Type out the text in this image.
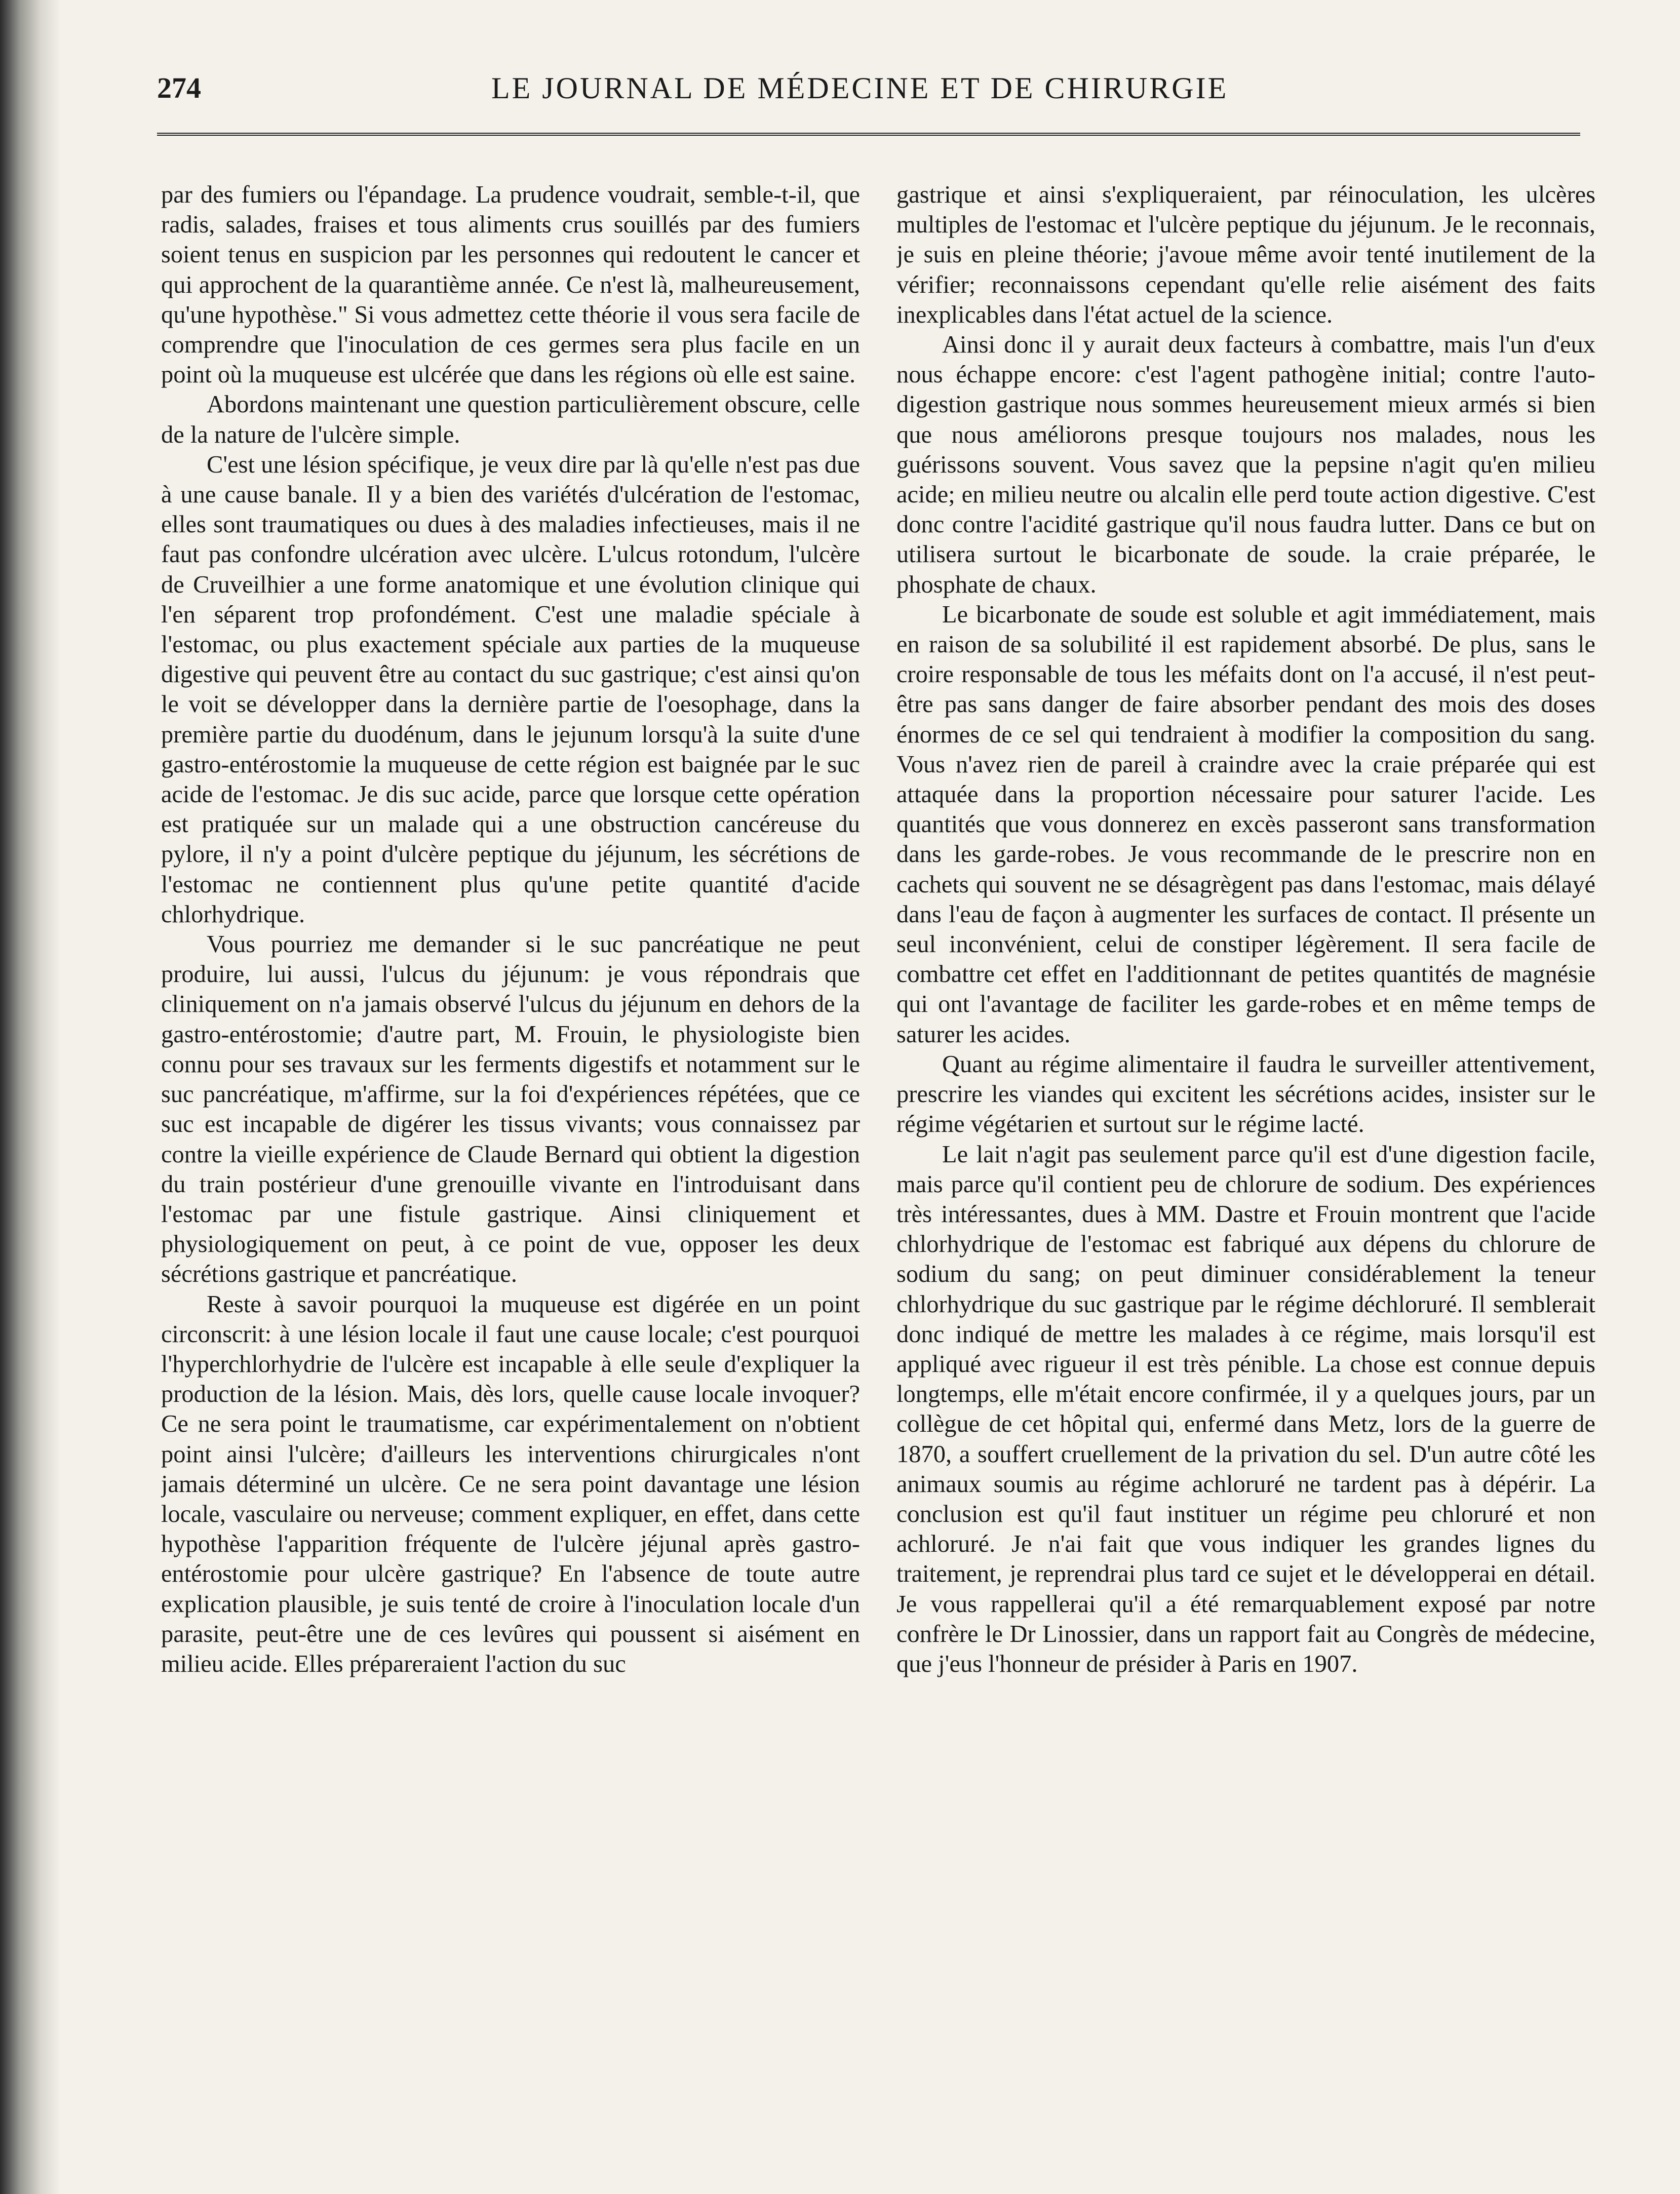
274	LE JOURNAL DE MÉDECINE ET DE CHIRURGIE

par des fumiers ou l'épandage. La prudence voudrait, semble-t-il, que radis, salades, fraises et tous aliments crus souillés par des fumiers soient tenus en suspicion par les personnes qui redoutent le cancer et qui approchent de la quarantième année. Ce n'est là, malheureusement, qu'une hypothèse." Si vous admettez cette théorie il vous sera facile de comprendre que l'inoculation de ces germes sera plus facile en un point où la muqueuse est ulcérée que dans les régions où elle est saine.

Abordons maintenant une question particulièrement obscure, celle de la nature de l'ulcère simple.

C'est une lésion spécifique, je veux dire par là qu'elle n'est pas due à une cause banale. Il y a bien des variétés d'ulcération de l'estomac, elles sont traumatiques ou dues à des maladies infectieuses, mais il ne faut pas confondre ulcération avec ulcère. L'ulcus rotondum, l'ulcère de Cruveilhier a une forme anatomique et une évolution clinique qui l'en séparent trop profondément. C'est une maladie spéciale à l'estomac, ou plus exactement spéciale aux parties de la muqueuse digestive qui peuvent être au contact du suc gastrique; c'est ainsi qu'on le voit se développer dans la dernière partie de l'oesophage, dans la première partie du duodénum, dans le jejunum lorsqu'à la suite d'une gastro-entérostomie la muqueuse de cette région est baignée par le suc acide de l'estomac. Je dis suc acide, parce que lorsque cette opération est pratiquée sur un malade qui a une obstruction cancéreuse du pylore, il n'y a point d'ulcère peptique du jéjunum, les sécrétions de l'estomac ne contiennent plus qu'une petite quantité d'acide chlorhydrique.

Vous pourriez me demander si le suc pancréatique ne peut produire, lui aussi, l'ulcus du jéjunum: je vous répondrais que cliniquement on n'a jamais observé l'ulcus du jéjunum en dehors de la gastro-entérostomie; d'autre part, M. Frouin, le physiologiste bien connu pour ses travaux sur les ferments digestifs et notamment sur le suc pancréatique, m'affirme, sur la foi d'expériences répétées, que ce suc est incapable de digérer les tissus vivants; vous connaissez par contre la vieille expérience de Claude Bernard qui obtient la digestion du train postérieur d'une grenouille vivante en l'introduisant dans l'estomac par une fistule gastrique. Ainsi cliniquement et physiologiquement on peut, à ce point de vue, opposer les deux sécrétions gastrique et pancréatique.

Reste à savoir pourquoi la muqueuse est digérée en un point circonscrit: à une lésion locale il faut une cause locale; c'est pourquoi l'hyperchlorhydrie de l'ulcère est incapable à elle seule d'expliquer la production de la lésion. Mais, dès lors, quelle cause locale invoquer? Ce ne sera point le traumatisme, car expérimentalement on n'obtient point ainsi l'ulcère; d'ailleurs les interventions chirurgicales n'ont jamais déterminé un ulcère. Ce ne sera point davantage une lésion locale, vasculaire ou nerveuse; comment expliquer, en effet, dans cette hypothèse l'apparition fréquente de l'ulcère jéjunal après gastro-entérostomie pour ulcère gastrique? En l'absence de toute autre explication plausible, je suis tenté de croire à l'inoculation locale d'un parasite, peut-être une de ces levûres qui poussent si aisément en milieu acide. Elles prépareraient l'action du suc

gastrique et ainsi s'expliqueraient, par réinoculation, les ulcères multiples de l'estomac et l'ulcère peptique du jéjunum. Je le reconnais, je suis en pleine théorie; j'avoue même avoir tenté inutilement de la vérifier; reconnaissons cependant qu'elle relie aisément des faits inexplicables dans l'état actuel de la science.

Ainsi donc il y aurait deux facteurs à combattre, mais l'un d'eux nous échappe encore: c'est l'agent pathogène initial; contre l'auto-digestion gastrique nous sommes heureusement mieux armés si bien que nous améliorons presque toujours nos malades, nous les guérissons souvent. Vous savez que la pepsine n'agit qu'en milieu acide; en milieu neutre ou alcalin elle perd toute action digestive. C'est donc contre l'acidité gastrique qu'il nous faudra lutter. Dans ce but on utilisera surtout le bicarbonate de soude. la craie préparée, le phosphate de chaux.

Le bicarbonate de soude est soluble et agit immédiatement, mais en raison de sa solubilité il est rapidement absorbé. De plus, sans le croire responsable de tous les méfaits dont on l'a accusé, il n'est peut-être pas sans danger de faire absorber pendant des mois des doses énormes de ce sel qui tendraient à modifier la composition du sang. Vous n'avez rien de pareil à craindre avec la craie préparée qui est attaquée dans la proportion nécessaire pour saturer l'acide. Les quantités que vous donnerez en excès passeront sans transformation dans les garde-robes. Je vous recommande de le prescrire non en cachets qui souvent ne se désagrègent pas dans l'estomac, mais délayé dans l'eau de façon à augmenter les surfaces de contact. Il présente un seul inconvénient, celui de constiper légèrement. Il sera facile de combattre cet effet en l'additionnant de petites quantités de magnésie qui ont l'avantage de faciliter les garde-robes et en même temps de saturer les acides.

Quant au régime alimentaire il faudra le surveiller attentivement, prescrire les viandes qui excitent les sécrétions acides, insister sur le régime végétarien et surtout sur le régime lacté.

Le lait n'agit pas seulement parce qu'il est d'une digestion facile, mais parce qu'il contient peu de chlorure de sodium. Des expériences très intéressantes, dues à MM. Dastre et Frouin montrent que l'acide chlorhydrique de l'estomac est fabriqué aux dépens du chlorure de sodium du sang; on peut diminuer considérablement la teneur chlorhydrique du suc gastrique par le régime déchloruré. Il semblerait donc indiqué de mettre les malades à ce régime, mais lorsqu'il est appliqué avec rigueur il est très pénible. La chose est connue depuis longtemps, elle m'était encore confirmée, il y a quelques jours, par un collègue de cet hôpital qui, enfermé dans Metz, lors de la guerre de 1870, a souffert cruellement de la privation du sel. D'un autre côté les animaux soumis au régime achloruré ne tardent pas à dépérir. La conclusion est qu'il faut instituer un régime peu chloruré et non achloruré. Je n'ai fait que vous indiquer les grandes lignes du traitement, je reprendrai plus tard ce sujet et le développerai en détail. Je vous rappellerai qu'il a été remarquablement exposé par notre confrère le Dr Linossier, dans un rapport fait au Congrès de médecine, que j'eus l'honneur de présider à Paris en 1907.
